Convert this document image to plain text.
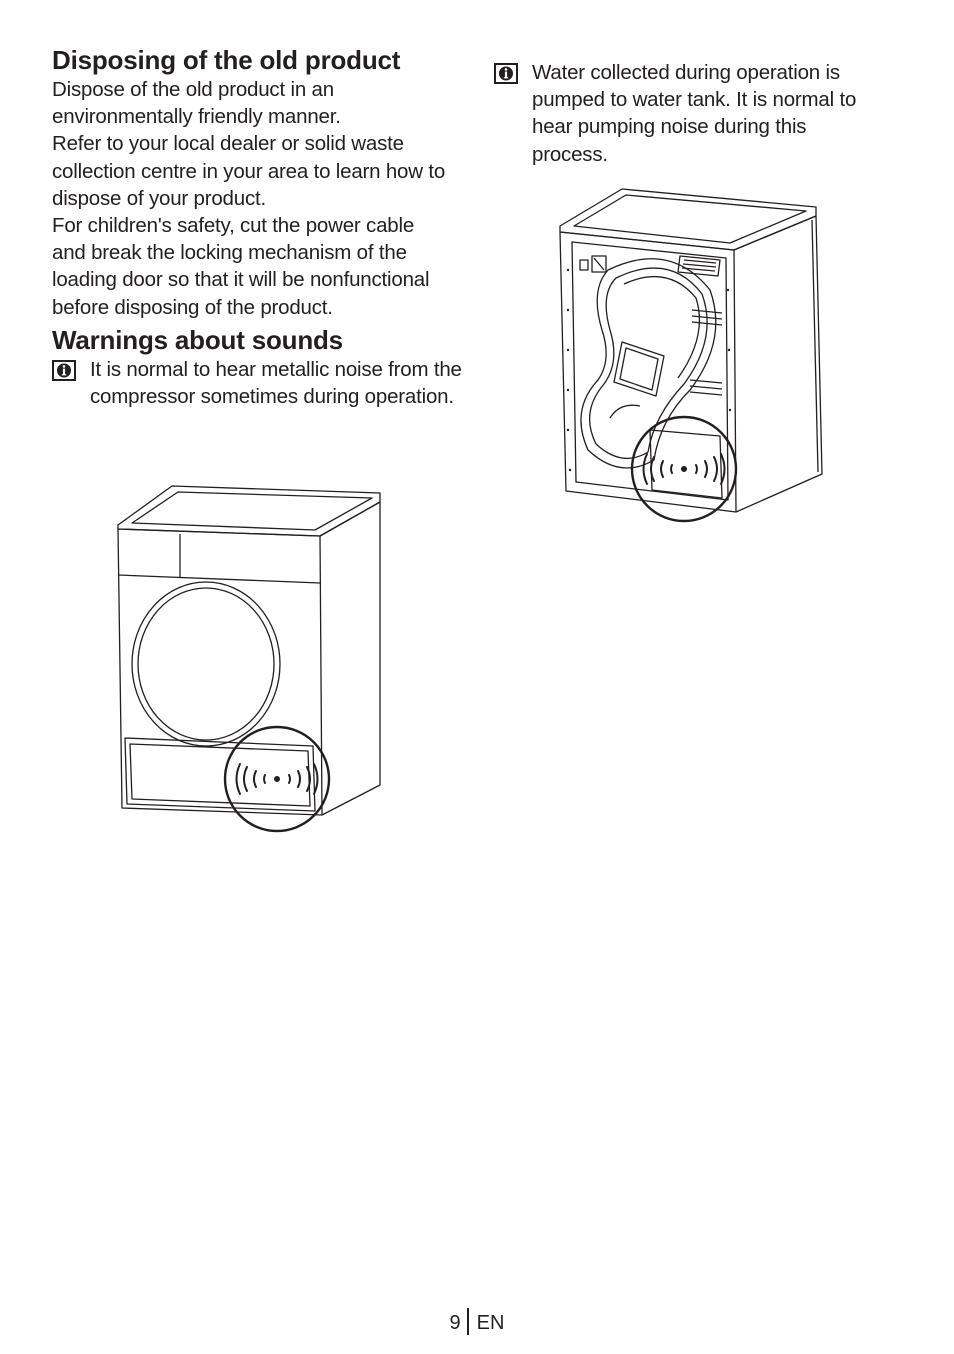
Disposing of the old product

Dispose of the old product in an environmentally friendly manner.

Refer to your local dealer or solid waste collection centre in your area to learn how to dispose of your product.

For children's safety, cut the power cable and break the locking mechanism of the loading door so that it will be nonfunctional before disposing of the product.

Warnings about sounds

It is normal to hear metallic noise from the compressor sometimes during operation.

Water collected during operation is pumped to water tank. It is normal to hear pumping noise during this process.

9 EN
